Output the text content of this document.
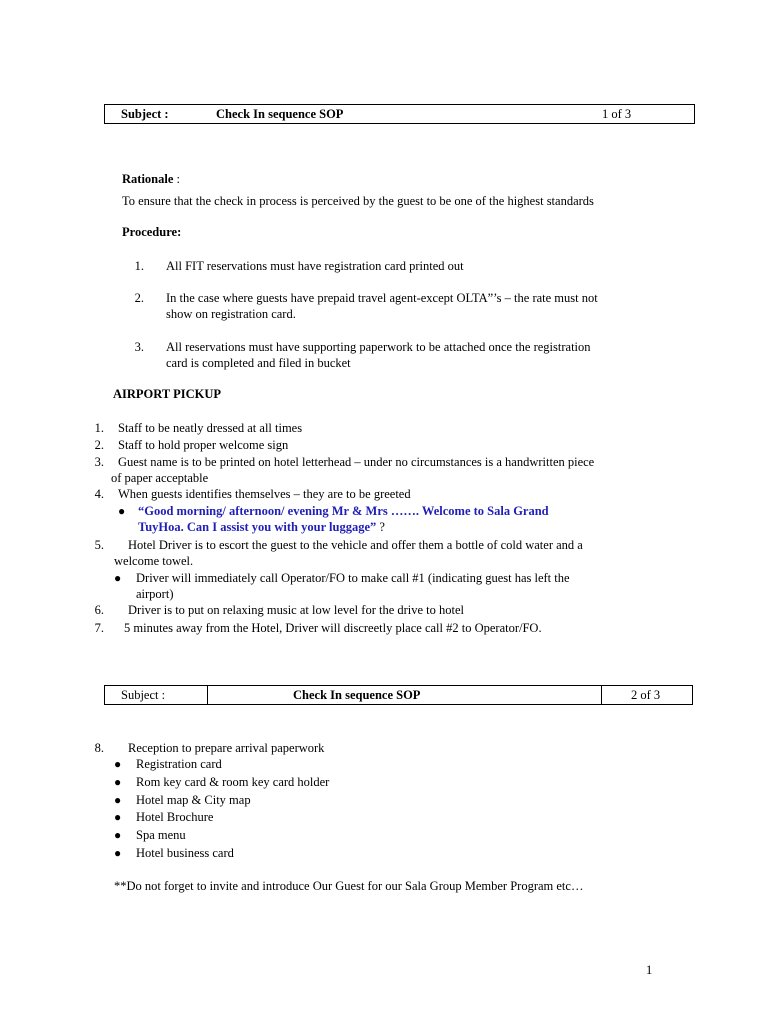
Subject :	Check In sequence SOP	1 of 3
Rationale :
To ensure that the check in process is perceived by the guest to be one of the highest standards
Procedure:
1. All FIT reservations must have registration card printed out
2. In the case where guests have prepaid travel agent-except OLTA”’s – the rate must not
show on registration card.
3. All reservations must have supporting paperwork to be attached once the registration
card is completed and filed in bucket
AIRPORT PICKUP
1. Staff to be neatly dressed at all times
2. Staff to hold proper welcome sign
3. Guest name is to be printed on hotel letterhead – under no circumstances is a handwritten piece
of paper acceptable
4. When guests identifies themselves – they are to be greeted
● “Good morning/ afternoon/ evening Mr & Mrs ……. Welcome to Sala Grand
TuyHoa. Can I assist you with your luggage” ?
5. Hotel Driver is to escort the guest to the vehicle and offer them a bottle of cold water and a
welcome towel.
● Driver will immediately call Operator/FO to make call #1 (indicating guest has left the
airport)
6. Driver is to put on relaxing music at low level for the drive to hotel
7. 5 minutes away from the Hotel, Driver will discreetly place call #2 to Operator/FO.
Subject :	Check In sequence SOP	2 of 3
8. Reception to prepare arrival paperwork
● Registration card
● Rom key card & room key card holder
● Hotel map & City map
● Hotel Brochure
● Spa menu
● Hotel business card
**Do not forget to invite and introduce Our Guest for our Sala Group Member Program etc…
1
